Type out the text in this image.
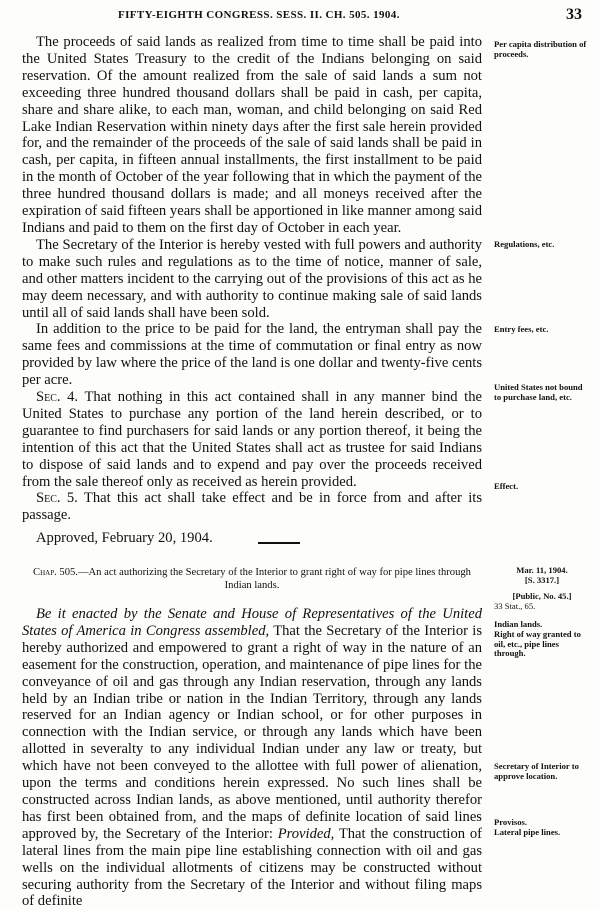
FIFTY-EIGHTH CONGRESS. SESS. II. CH. 505. 1904.	33

The proceeds of said lands as realized from time to time shall be paid into the United States Treasury to the credit of the Indians belonging on said reservation. Of the amount realized from the sale of said lands a sum not exceeding three hundred thousand dollars shall be paid in cash, per capita, share and share alike, to each man, woman, and child belonging on said Red Lake Indian Reservation within ninety days after the first sale herein provided for, and the remainder of the proceeds of the sale of said lands shall be paid in cash, per capita, in fifteen annual installments, the first installment to be paid in the month of October of the year following that in which the payment of the three hundred thousand dollars is made; and all moneys received after the expiration of said fifteen years shall be apportioned in like manner among said Indians and paid to them on the first day of October in each year.

The Secretary of the Interior is hereby vested with full powers and authority to make such rules and regulations as to the time of notice, manner of sale, and other matters incident to the carrying out of the provisions of this act as he may deem necessary, and with authority to continue making sale of said lands until all of said lands shall have been sold.

In addition to the price to be paid for the land, the entryman shall pay the same fees and commissions at the time of commutation or final entry as now provided by law where the price of the land is one dollar and twenty-five cents per acre.

Sec. 4. That nothing in this act contained shall in any manner bind the United States to purchase any portion of the land herein described, or to guarantee to find purchasers for said lands or any portion thereof, it being the intention of this act that the United States shall act as trustee for said Indians to dispose of said lands and to expend and pay over the proceeds received from the sale thereof only as received as herein provided.

Sec. 5. That this act shall take effect and be in force from and after its passage.

Approved, February 20, 1904.

Chap. 505.—An act authorizing the Secretary of the Interior to grant right of way for pipe lines through Indian lands.

Be it enacted by the Senate and House of Representatives of the United States of America in Congress assembled, That the Secretary of the Interior is hereby authorized and empowered to grant a right of way in the nature of an easement for the construction, operation, and maintenance of pipe lines for the conveyance of oil and gas through any Indian reservation, through any lands held by an Indian tribe or nation in the Indian Territory, through any lands reserved for an Indian agency or Indian school, or for other purposes in connection with the Indian service, or through any lands which have been allotted in severalty to any individual Indian under any law or treaty, but which have not been conveyed to the allottee with full power of alienation, upon the terms and conditions herein expressed. No such lines shall be constructed across Indian lands, as above mentioned, until authority therefor has first been obtained from, and the maps of definite location of said lines approved by, the Secretary of the Interior: Provided, That the construction of lateral lines from the main pipe line establishing connection with oil and gas wells on the individual allotments of citizens may be constructed without securing authority from the Secretary of the Interior and without filing maps of definite

Per capita distribution of proceeds.
Regulations, etc.
Entry fees, etc.
United States not bound to purchase land, etc.
Effect.
Mar. 11, 1904.
[S. 3317.]
[Public, No. 45.]
33 Stat., 65.
Indian lands.
Right of way granted to oil, etc., pipe lines through.
Secretary of Interior to approve location.
Provisos.
Lateral pipe lines.
